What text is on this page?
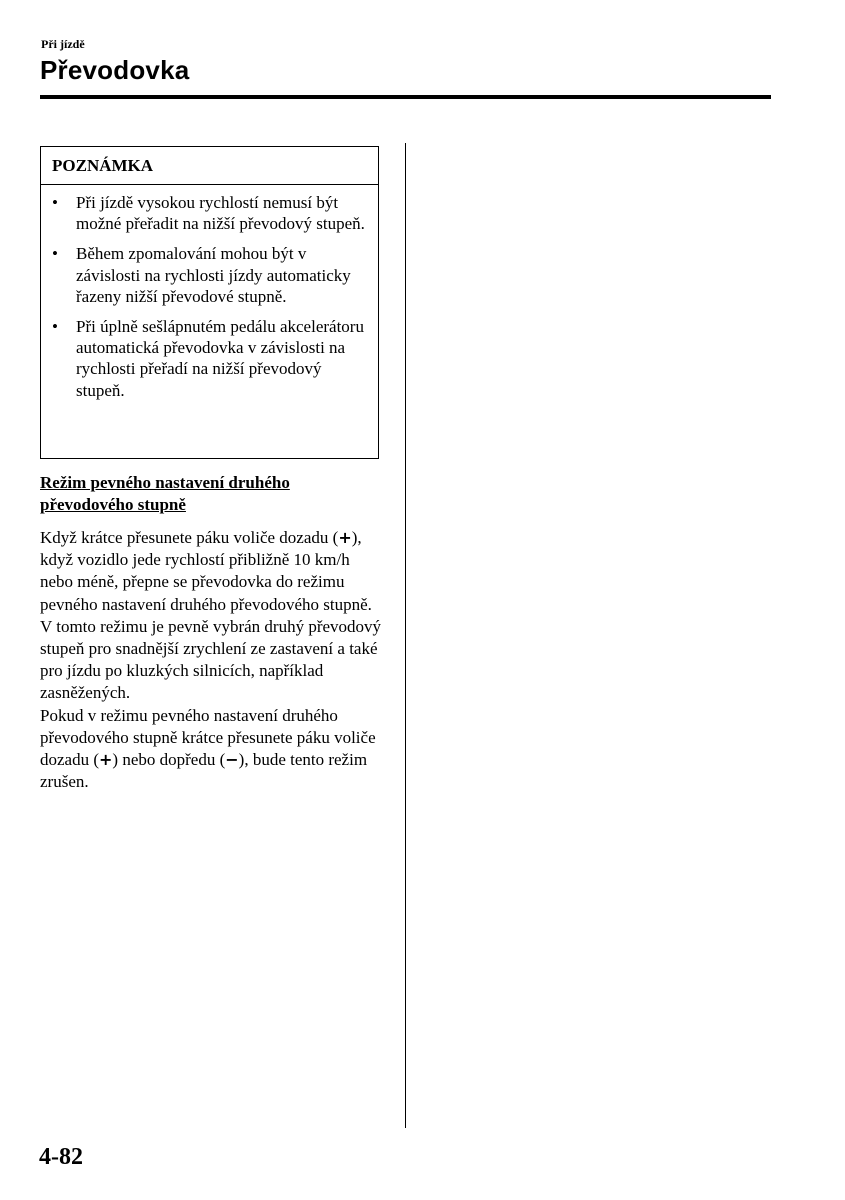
Při jízdě
Převodovka
POZNÁMKA
• Při jízdě vysokou rychlostí nemusí být možné přeřadit na nižší převodový stupeň.
• Během zpomalování mohou být v závislosti na rychlosti jízdy automaticky řazeny nižší převodové stupně.
• Při úplně sešlápnutém pedálu akcelerátoru automatická převodovka v závislosti na rychlosti přeřadí na nižší převodový stupeň.
Režim pevného nastavení druhého převodového stupně
Když krátce přesunete páku voliče dozadu (+), když vozidlo jede rychlostí přibližně 10 km/h nebo méně, přepne se převodovka do režimu pevného nastavení druhého převodového stupně. V tomto režimu je pevně vybrán druhý převodový stupeň pro snadnější zrychlení ze zastavení a také pro jízdu po kluzkých silnicích, například zasněžených.
Pokud v režimu pevného nastavení druhého převodového stupně krátce přesunete páku voliče dozadu (+) nebo dopředu (−), bude tento režim zrušen.
4-82
